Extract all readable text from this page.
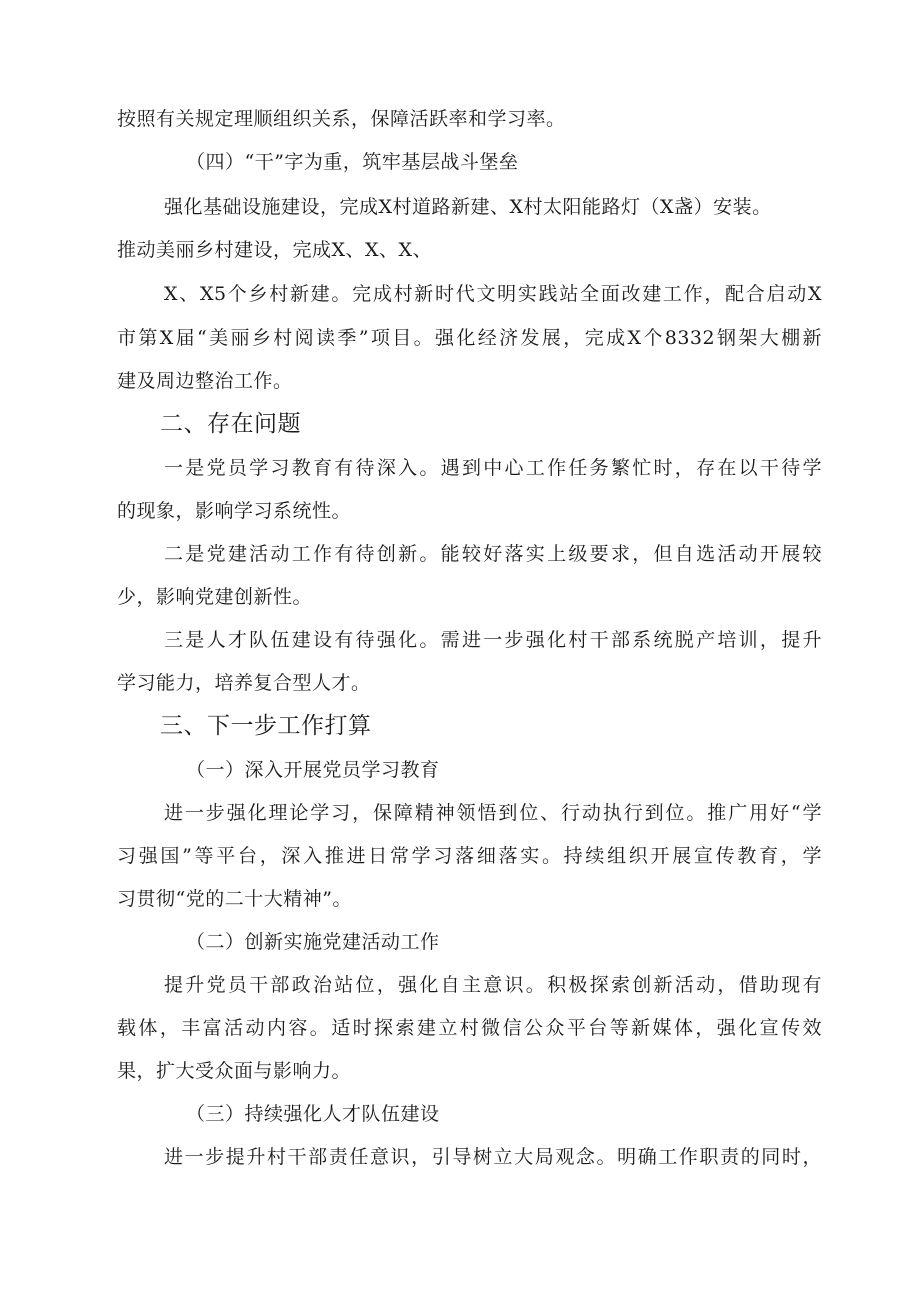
按照有关规定理顺组织关系，保障活跃率和学习率。
（四）“干”字为重，筑牢基层战斗堡垒
强化基础设施建设，完成X村道路新建、X村太阳能路灯（X盏）安装。
推动美丽乡村建设，完成X、X、X、
X、X5个乡村新建。完成村新时代文明实践站全面改建工作，配合启动X
市第X届“美丽乡村阅读季”项目。强化经济发展，完成X个8332钢架大棚新
建及周边整治工作。
二、存在问题
一是党员学习教育有待深入。遇到中心工作任务繁忙时，存在以干待学
的现象，影响学习系统性。
二是党建活动工作有待创新。能较好落实上级要求，但自选活动开展较
少，影响党建创新性。
三是人才队伍建设有待强化。需进一步强化村干部系统脱产培训，提升
学习能力，培养复合型人才。
三、下一步工作打算
（一）深入开展党员学习教育
进一步强化理论学习，保障精神领悟到位、行动执行到位。推广用好“学
习强国”等平台，深入推进日常学习落细落实。持续组织开展宣传教育，学
习贯彻“党的二十大精神”。
（二）创新实施党建活动工作
提升党员干部政治站位，强化自主意识。积极探索创新活动，借助现有
载体，丰富活动内容。适时探索建立村微信公众平台等新媒体，强化宣传效
果，扩大受众面与影响力。
（三）持续强化人才队伍建设
进一步提升村干部责任意识，引导树立大局观念。明确工作职责的同时，
